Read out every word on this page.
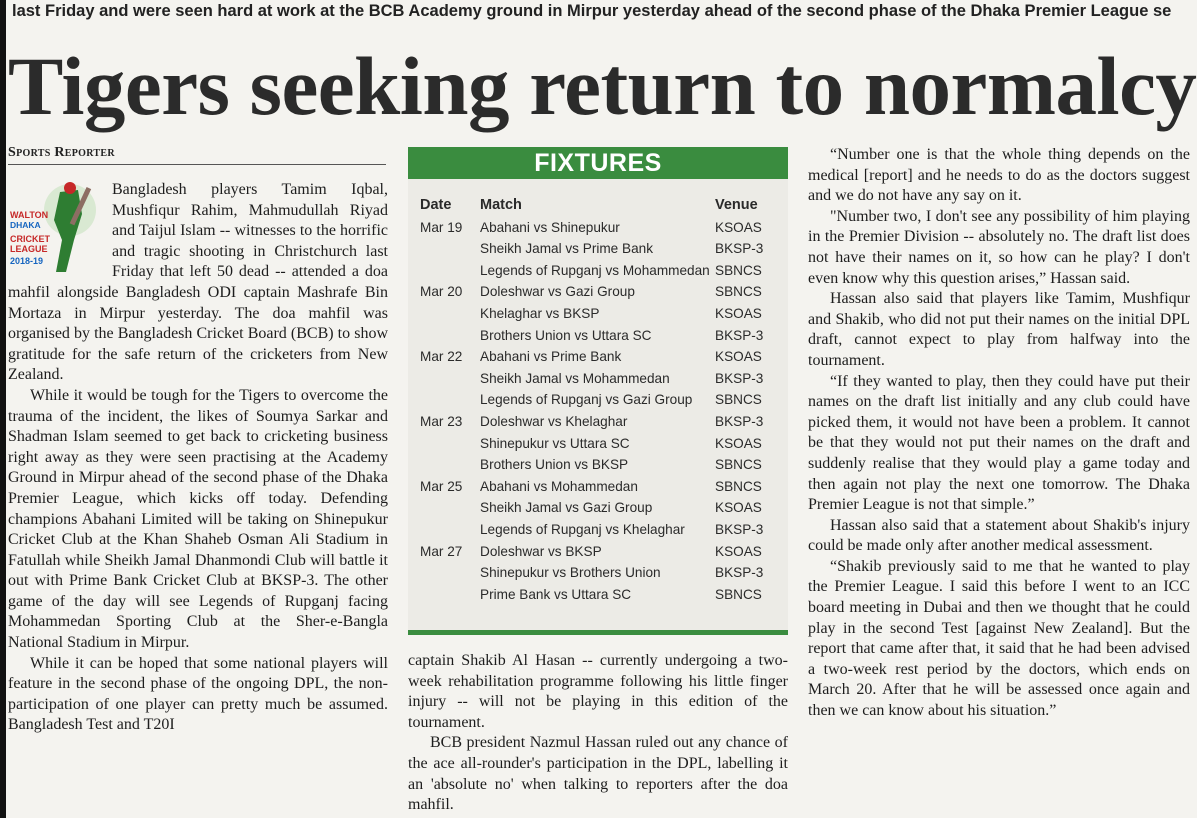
last Friday and were seen hard at work at the BCB Academy ground in Mirpur yesterday ahead of the second phase of the Dhaka Premier League se
Tigers seeking return to normalcy
Sports Reporter
WALTON
DHAKA
CRICKET
LEAGUE
2018-19

Bangladesh players Tamim Iqbal, Mushfiqur Rahim, Mahmudullah Riyad and Taijul Islam -- witnesses to the horrific and tragic shooting in Christchurch last Friday that left 50 dead -- attended a doa mahfil alongside Bangladesh ODI captain Mashrafe Bin Mortaza in Mirpur yesterday. The doa mahfil was organised by the Bangladesh Cricket Board (BCB) to show gratitude for the safe return of the cricketers from New Zealand.

While it would be tough for the Tigers to overcome the trauma of the incident, the likes of Soumya Sarkar and Shadman Islam seemed to get back to cricketing business right away as they were seen practising at the Academy Ground in Mirpur ahead of the second phase of the Dhaka Premier League, which kicks off today. Defending champions Abahani Limited will be taking on Shinepukur Cricket Club at the Khan Shaheb Osman Ali Stadium in Fatullah while Sheikh Jamal Dhanmondi Club will battle it out with Prime Bank Cricket Club at BKSP-3. The other game of the day will see Legends of Rupganj facing Mohammedan Sporting Club at the Sher-e-Bangla National Stadium in Mirpur.

While it can be hoped that some national players will feature in the second phase of the ongoing DPL, the non-participation of one player can pretty much be assumed. Bangladesh Test and T20I

FIXTURES
Date	Match	Venue
Mar 19	Abahani vs Shinepukur	KSOAS
	Sheikh Jamal vs Prime Bank	BKSP-3
	Legends of Rupganj vs Mohammedan	SBNCS
Mar 20	Doleshwar vs Gazi Group	SBNCS
	Khelaghar vs BKSP	KSOAS
	Brothers Union vs Uttara SC	BKSP-3
Mar 22	Abahani vs Prime Bank	KSOAS
	Sheikh Jamal vs Mohammedan	BKSP-3
	Legends of Rupganj vs Gazi Group	SBNCS
Mar 23	Doleshwar vs Khelaghar	BKSP-3
	Shinepukur vs Uttara SC	KSOAS
	Brothers Union vs BKSP	SBNCS
Mar 25	Abahani vs Mohammedan	SBNCS
	Sheikh Jamal vs Gazi Group	KSOAS
	Legends of Rupganj vs Khelaghar	BKSP-3
Mar 27	Doleshwar vs BKSP	KSOAS
	Shinepukur vs Brothers Union	BKSP-3
	Prime Bank vs Uttara SC	SBNCS

captain Shakib Al Hasan -- currently undergoing a two-week rehabilitation programme following his little finger injury -- will not be playing in this edition of the tournament.

BCB president Nazmul Hassan ruled out any chance of the ace all-rounder's participation in the DPL, labelling it an 'absolute no' when talking to reporters after the doa mahfil.

“Number one is that the whole thing depends on the medical [report] and he needs to do as the doctors suggest and we do not have any say on it.

"Number two, I don't see any possibility of him playing in the Premier Division -- absolutely no. The draft list does not have their names on it, so how can he play? I don't even know why this question arises,” Hassan said.

Hassan also said that players like Tamim, Mushfiqur and Shakib, who did not put their names on the initial DPL draft, cannot expect to play from halfway into the tournament.

“If they wanted to play, then they could have put their names on the draft list initially and any club could have picked them, it would not have been a problem. It cannot be that they would not put their names on the draft and suddenly realise that they would play a game today and then again not play the next one tomorrow. The Dhaka Premier League is not that simple.”

Hassan also said that a statement about Shakib's injury could be made only after another medical assessment.

“Shakib previously said to me that he wanted to play the Premier League. I said this before I went to an ICC board meeting in Dubai and then we thought that he could play in the second Test [against New Zealand]. But the report that came after that, it said that he had been advised a two-week rest period by the doctors, which ends on March 20. After that he will be assessed once again and then we can know about his situation.”
